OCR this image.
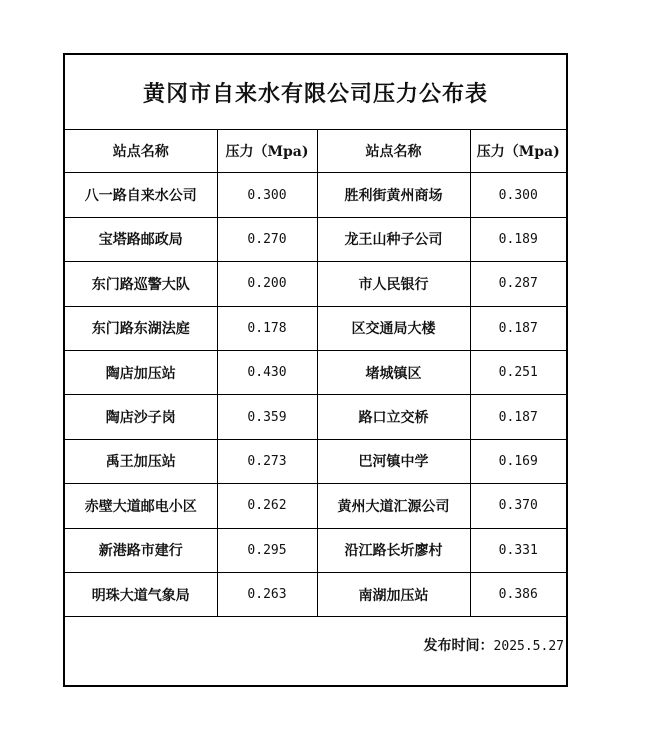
黄冈市自来水有限公司压力公布表
站点名称	压力（Mpa)	站点名称	压力（Mpa)
八一路自来水公司	0.300	胜利街黄州商场	0.300
宝塔路邮政局	0.270	龙王山种子公司	0.189
东门路巡警大队	0.200	市人民银行	0.287
东门路东湖法庭	0.178	区交通局大楼	0.187
陶店加压站	0.430	堵城镇区	0.251
陶店沙子岗	0.359	路口立交桥	0.187
禹王加压站	0.273	巴河镇中学	0.169
赤壁大道邮电小区	0.262	黄州大道汇源公司	0.370
新港路市建行	0.295	沿江路长圻廖村	0.331
明珠大道气象局	0.263	南湖加压站	0.386
发布时间：2025.5.27
